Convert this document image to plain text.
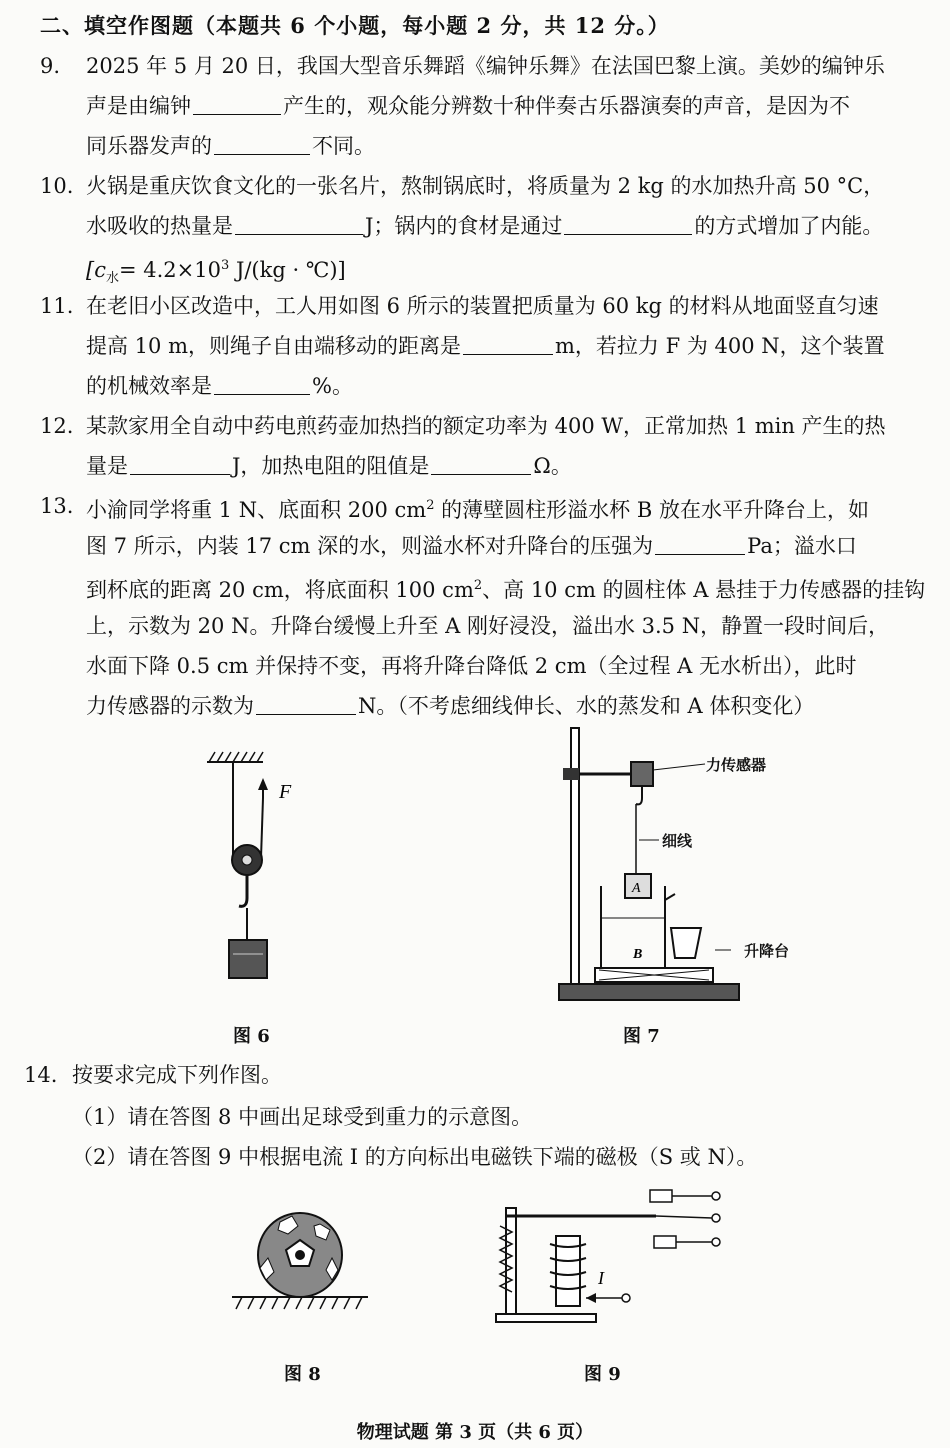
二、填空作图题（本题共 6 个小题，每小题 2 分，共 12 分。）
9.	2025 年 5 月 20 日，我国大型音乐舞蹈《编钟乐舞》在法国巴黎上演。美妙的编钟乐
声是由编钟	产生的，观众能分辨数十种伴奏古乐器演奏的声音，是因为不
同乐器发声的	不同。
10. 火锅是重庆饮食文化的一张名片，熬制锅底时，将质量为 2 kg 的水加热升高 50 °C，
水吸收的热量是	J；锅内的食材是通过	的方式增加了内能。
[$c_水= 4.2\times 10^3$ J/(kg · ℃)]
11. 在老旧小区改造中，工人用如图 6 所示的装置把质量为 60 kg 的材料从地面竖直匀速
提高 10 m，则绳子自由端移动的距离是	m，若拉力 F 为 400 N，这个装置
的机械效率是	%。
12. 某款家用全自动中药电煎药壶加热挡的额定功率为 400 W，正常加热 1 min 产生的热
量是	J，加热电阻的阻值是	Ω。
13. 小渝同学将重 1 N、底面积 200 $cm^2$ 的薄壁圆柱形溢水杯 B 放在水平升降台上，如
图 7 所示，内装 17 cm 深的水，则溢水杯对升降台的压强为	Pa；溢水口
到杯底的距离 20 cm，将底面积 100 $cm^2$、高 10 cm 的圆柱体 A 悬挂于力传感器的挂钩
上，示数为 20 N。升降台缓慢上升至 A 刚好浸没，溢出水 3.5 N，静置一段时间后，
水面下降 0.5 cm 并保持不变，再将升降台降低 2 cm（全过程 A 无水析出），此时
力传感器的示数为	N。（不考虑细线伸长、水的蒸发和 A 体积变化）
F
图 6
A
B
力传感器
细线
升降台
图 7
14. 按要求完成下列作图。
（1）请在答图 8 中画出足球受到重力的示意图。
（2）请在答图 9 中根据电流 I 的方向标出电磁铁下端的磁极（S 或 N）。
图 8
I
图 9
物理试题 第 3 页（共 6 页）
